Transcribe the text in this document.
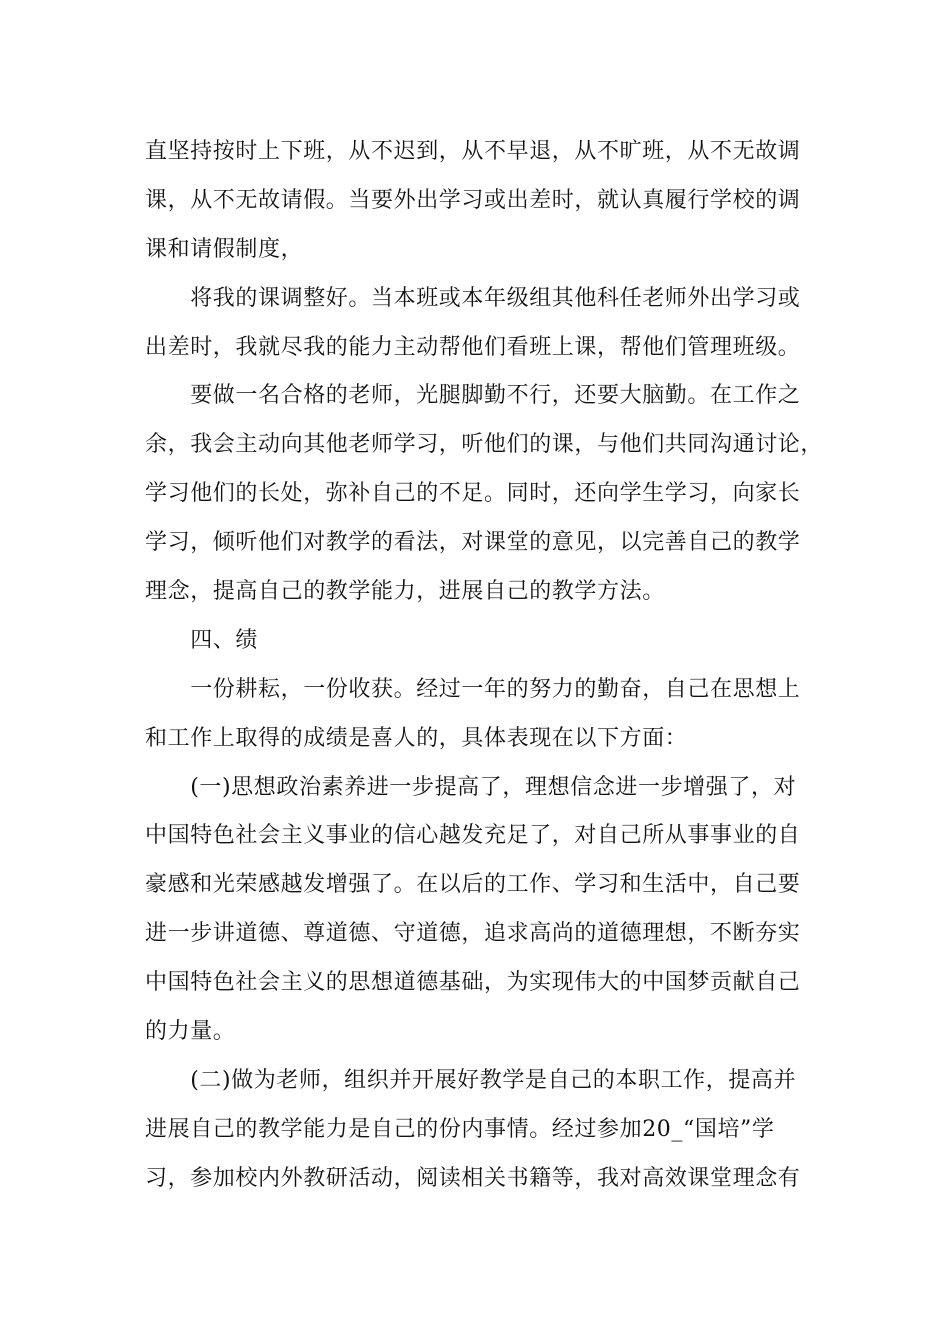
直坚持按时上下班，从不迟到，从不早退，从不旷班，从不无故调
课，从不无故请假。当要外出学习或出差时，就认真履行学校的调
课和请假制度，
　　将我的课调整好。当本班或本年级组其他科任老师外出学习或
出差时，我就尽我的能力主动帮他们看班上课，帮他们管理班级。
　　要做一名合格的老师，光腿脚勤不行，还要大脑勤。在工作之
余，我会主动向其他老师学习，听他们的课，与他们共同沟通讨论，
学习他们的长处，弥补自己的不足。同时，还向学生学习，向家长
学习，倾听他们对教学的看法，对课堂的意见，以完善自己的教学
理念，提高自己的教学能力，进展自己的教学方法。
　　四、绩
　　一份耕耘，一份收获。经过一年的努力的勤奋，自己在思想上
和工作上取得的成绩是喜人的，具体表现在以下方面：
　　(一)思想政治素养进一步提高了，理想信念进一步增强了，对
中国特色社会主义事业的信心越发充足了，对自己所从事事业的自
豪感和光荣感越发增强了。在以后的工作、学习和生活中，自己要
进一步讲道德、尊道德、守道德，追求高尚的道德理想，不断夯实
中国特色社会主义的思想道德基础，为实现伟大的中国梦贡献自己
的力量。
　　(二)做为老师，组织并开展好教学是自己的本职工作，提高并
进展自己的教学能力是自己的份内事情。经过参加20_“国培”学
习，参加校内外教研活动，阅读相关书籍等，我对高效课堂理念有
